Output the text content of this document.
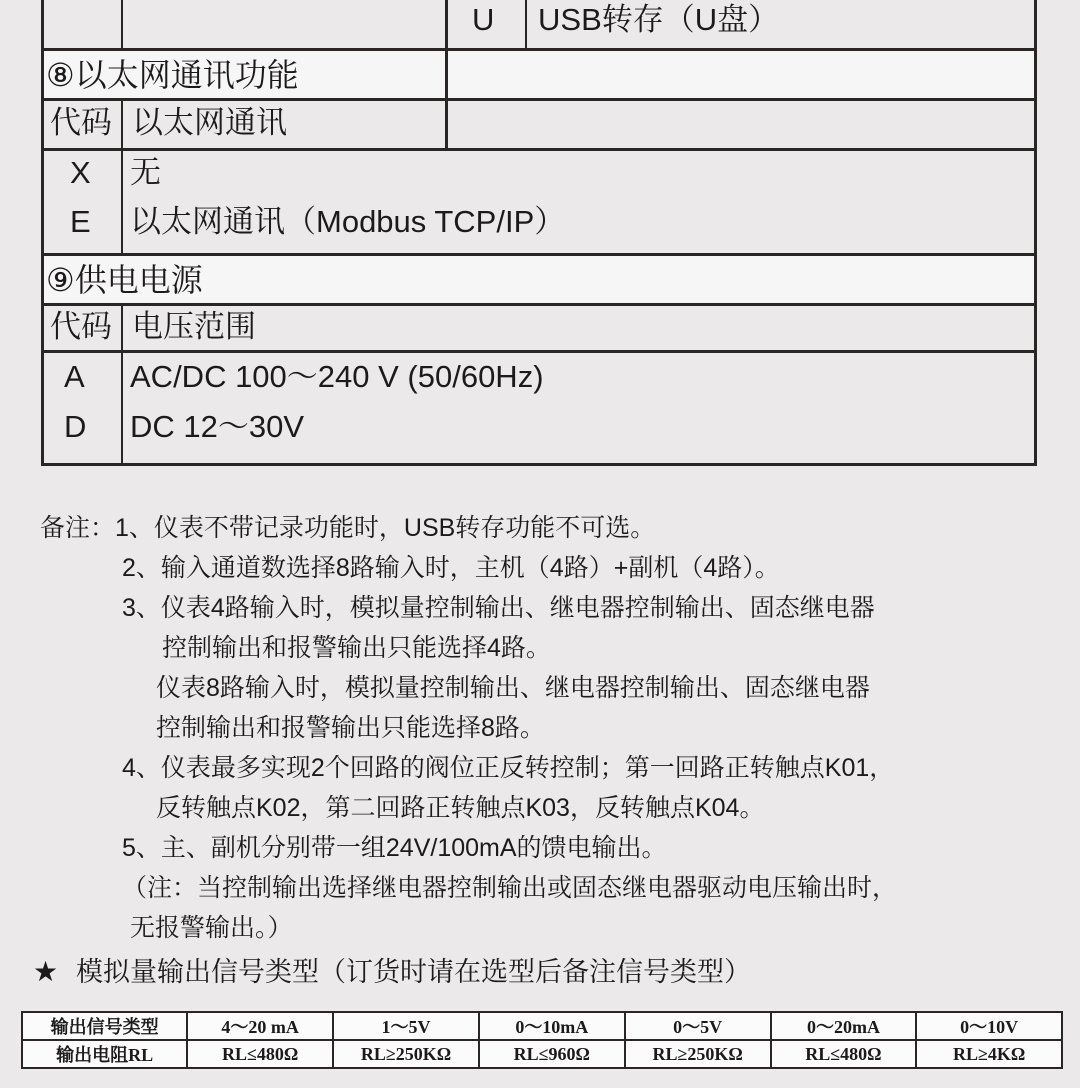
U USB转存（U盘）
⑧以太网通讯功能
代码 以太网通讯
X 无
E 以太网通讯（Modbus TCP/IP）
⑨供电电源
代码 电压范围
A AC/DC 100～240 V (50/60Hz)
D DC 12～30V
备注：1、仪表不带记录功能时，USB转存功能不可选。
2、输入通道数选择8路输入时，主机（4路）+副机（4路）。
3、仪表4路输入时，模拟量控制输出、继电器控制输出、固态继电器
控制输出和报警输出只能选择4路。
仪表8路输入时，模拟量控制输出、继电器控制输出、固态继电器
控制输出和报警输出只能选择8路。
4、仪表最多实现2个回路的阀位正反转控制；第一回路正转触点K01，
反转触点K02，第二回路正转触点K03，反转触点K04。
5、主、副机分别带一组24V/100mA的馈电输出。
（注：当控制输出选择继电器控制输出或固态继电器驱动电压输出时，
无报警输出。）
★ 模拟量输出信号类型（订货时请在选型后备注信号类型）
输出信号类型	4～20 mA	1～5V	0～10mA	0～5V	0～20mA	0～10V
输出电阻RL	RL≤480Ω	RL≥250KΩ	RL≤960Ω	RL≥250KΩ	RL≤480Ω	RL≥4KΩ
